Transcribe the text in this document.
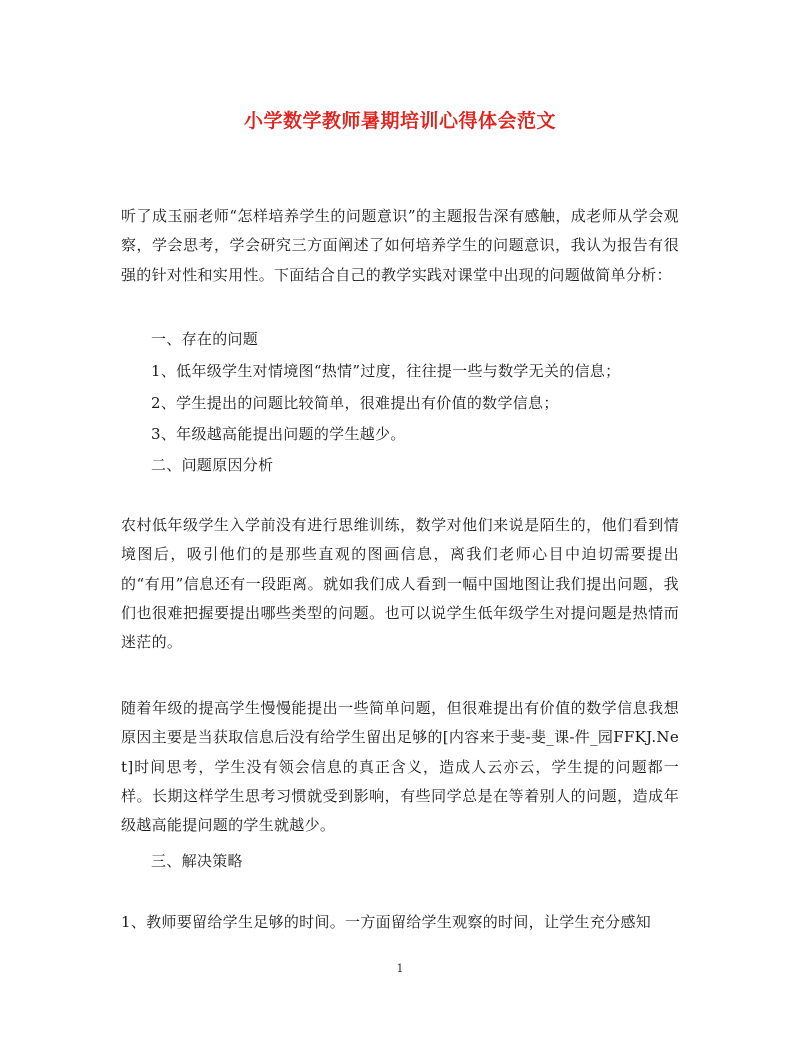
小学数学教师暑期培训心得体会范文
听了成玉丽老师“怎样培养学生的问题意识”的主题报告深有感触，成老师从学会观察，学会思考，学会研究三方面阐述了如何培养学生的问题意识，我认为报告有很强的针对性和实用性。下面结合自己的教学实践对课堂中出现的问题做简单分析：
一、存在的问题
1、低年级学生对情境图“热情”过度，往往提一些与数学无关的信息；
2、学生提出的问题比较简单，很难提出有价值的数学信息；
3、年级越高能提出问题的学生越少。
二、问题原因分析
农村低年级学生入学前没有进行思维训练，数学对他们来说是陌生的，他们看到情境图后，吸引他们的是那些直观的图画信息，离我们老师心目中迫切需要提出的“有用”信息还有一段距离。就如我们成人看到一幅中国地图让我们提出问题，我们也很难把握要提出哪些类型的问题。也可以说学生低年级学生对提问题是热情而迷茫的。
随着年级的提高学生慢慢能提出一些简单问题，但很难提出有价值的数学信息我想原因主要是当获取信息后没有给学生留出足够的[内容来于斐-斐_课-件_园FFKJ.Net]时间思考，学生没有领会信息的真正含义，造成人云亦云，学生提的问题都一样。长期这样学生思考习惯就受到影响，有些同学总是在等着别人的问题，造成年级越高能提问题的学生就越少。
三、解决策略
1、教师要留给学生足够的时间。一方面留给学生观察的时间，让学生充分感知
1
